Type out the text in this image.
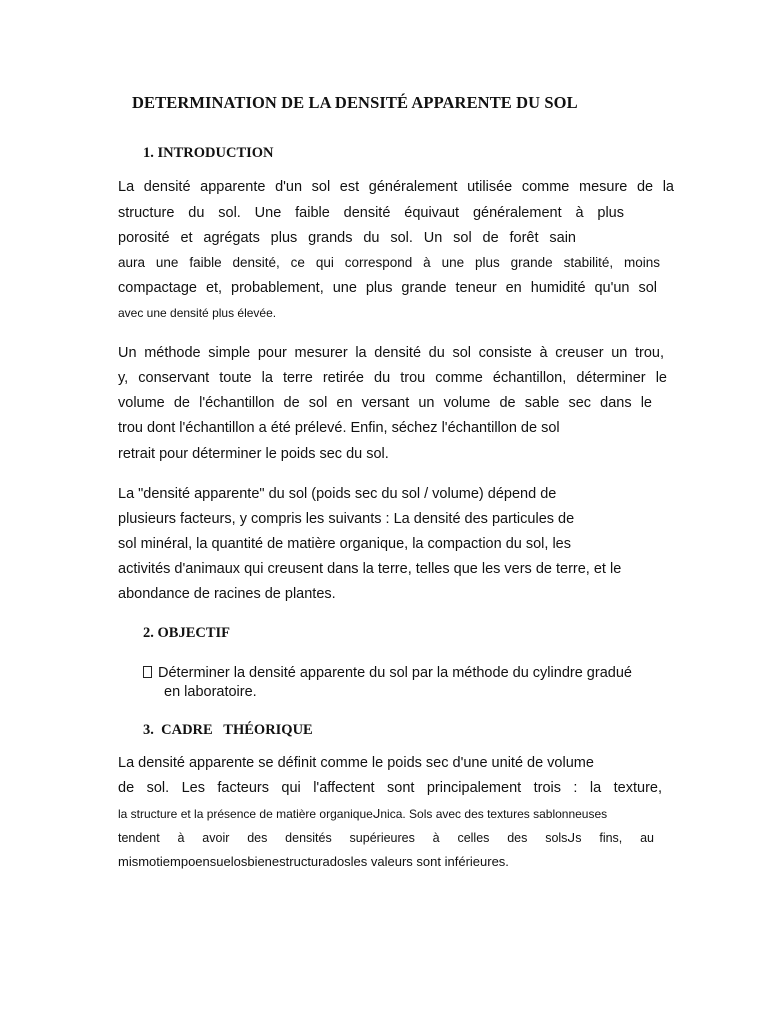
DETERMINATION DE LA DENSITÉ APPARENTE DU SOL
1. INTRODUCTION
La densité apparente d'un sol est généralement utilisée comme mesure de la
structure du sol. Une faible densité équivaut généralement à plus
porosité et agrégats plus grands du sol. Un sol de forêt sain
aura une faible densité, ce qui correspond à une plus grande stabilité, moins
compactage et, probablement, une plus grande teneur en humidité qu'un sol
avec une densité plus élevée.
Un méthode simple pour mesurer la densité du sol consiste à creuser un trou,
y, conservant toute la terre retirée du trou comme échantillon, déterminer le
volume de l'échantillon de sol en versant un volume de sable sec dans le
trou dont l'échantillon a été prélevé. Enfin, séchez l'échantillon de sol
retrait pour déterminer le poids sec du sol.
La "densité apparente" du sol (poids sec du sol / volume) dépend de
plusieurs facteurs, y compris les suivants : La densité des particules de
sol minéral, la quantité de matière organique, la compaction du sol, les
activités d'animaux qui creusent dans la terre, telles que les vers de terre, et le
abondance de racines de plantes.
2. OBJECTIF
Déterminer la densité apparente du sol par la méthode du cylindre gradué
en laboratoire.
3.  CADRE   THÉORIQUE
La densité apparente se définit comme le poids sec d'une unité de volume
de sol. Les facteurs qui l'affectent sont principalement trois : la texture,
la structure et la présence de matière organiqueᒍnica. Sols avec des textures sablonneuses
tendent à avoir des densités supérieures à celles des solsᒍs fins, au
mismotiempoensuelosbienestructuradosles valeurs sont inférieures.
